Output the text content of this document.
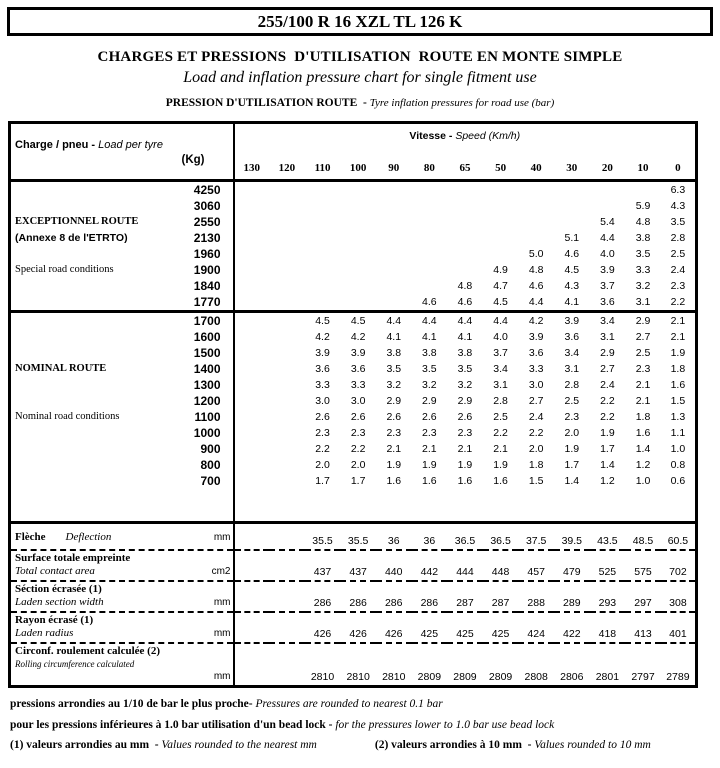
255/100 R 16 XZL TL 126 K
CHARGES ET PRESSIONS  D'UTILISATION  ROUTE EN MONTE SIMPLE
Load and inflation pressure chart for single fitment use
PRESSION D'UTILISATION ROUTE  - Tyre inflation pressures for road use (bar)
Charge / pneu - Load per tyre
(Kg)	Vitesse - Speed (Km/h)												
	130	120	110	100	90	80	65	50	40	30	20	10	0

4250													6.3

3060												5.9	4.3

EXCEPTIONNEL ROUTE 2550											5.4	4.8	3.5

(Annexe 8 de l'ETRTO) 2130										5.1	4.4	3.8	2.8

1960									5.0	4.6	4.0	3.5	2.5

Special road conditions 1900								4.9	4.8	4.5	3.9	3.3	2.4

1840							4.8	4.7	4.6	4.3	3.7	3.2	2.3

1770						4.6	4.6	4.5	4.4	4.1	3.6	3.1	2.2

1700			4.5	4.5	4.4	4.4	4.4	4.4	4.2	3.9	3.4	2.9	2.1

1600			4.2	4.2	4.1	4.1	4.1	4.0	3.9	3.6	3.1	2.7	2.1

1500			3.9	3.9	3.8	3.8	3.8	3.7	3.6	3.4	2.9	2.5	1.9

NOMINAL ROUTE 1400			3.6	3.6	3.5	3.5	3.5	3.4	3.3	3.1	2.7	2.3	1.8

1300			3.3	3.3	3.2	3.2	3.2	3.1	3.0	2.8	2.4	2.1	1.6

1200			3.0	3.0	2.9	2.9	2.9	2.8	2.7	2.5	2.2	2.1	1.5

Nominal road conditions 1100			2.6	2.6	2.6	2.6	2.6	2.5	2.4	2.3	2.2	1.8	1.3

1000			2.3	2.3	2.3	2.3	2.3	2.2	2.2	2.0	1.9	1.6	1.1

900			2.2	2.2	2.1	2.1	2.1	2.1	2.0	1.9	1.7	1.4	1.0

800			2.0	2.0	1.9	1.9	1.9	1.9	1.8	1.7	1.4	1.2	0.8

700			1.7	1.7	1.6	1.6	1.6	1.6	1.5	1.4	1.2	1.0	0.6

Flèche Deflection mm			35.5	35.5	36	36	36.5	36.5	37.5	39.5	43.5	48.5	60.5

Surface totale empreinte
Total contact area cm2			437	437	440	442	444	448	457	479	525	575	702

Séction écrasée (1)
Laden section width mm			286	286	286	286	287	287	288	289	293	297	308

Rayon écrasé (1)
Laden radius mm			426	426	426	425	425	425	424	422	418	413	401

Circonf. roulement calculée (2)
Rolling circumference calculated
mm			2810	2810	2810	2809	2809	2809	2808	2806	2801	2797	2789
pressions arrondies au 1/10 de bar le plus proche- Pressures are rounded to nearest 0.1 bar
pour les pressions inférieures à 1.0 bar utilisation d'un bead lock - for the pressures lower to 1.0 bar use bead lock
(1) valeurs arrondies au mm  - Values rounded to the nearest mm	(2) valeurs arrondies à 10 mm  - Values rounded to 10 mm
